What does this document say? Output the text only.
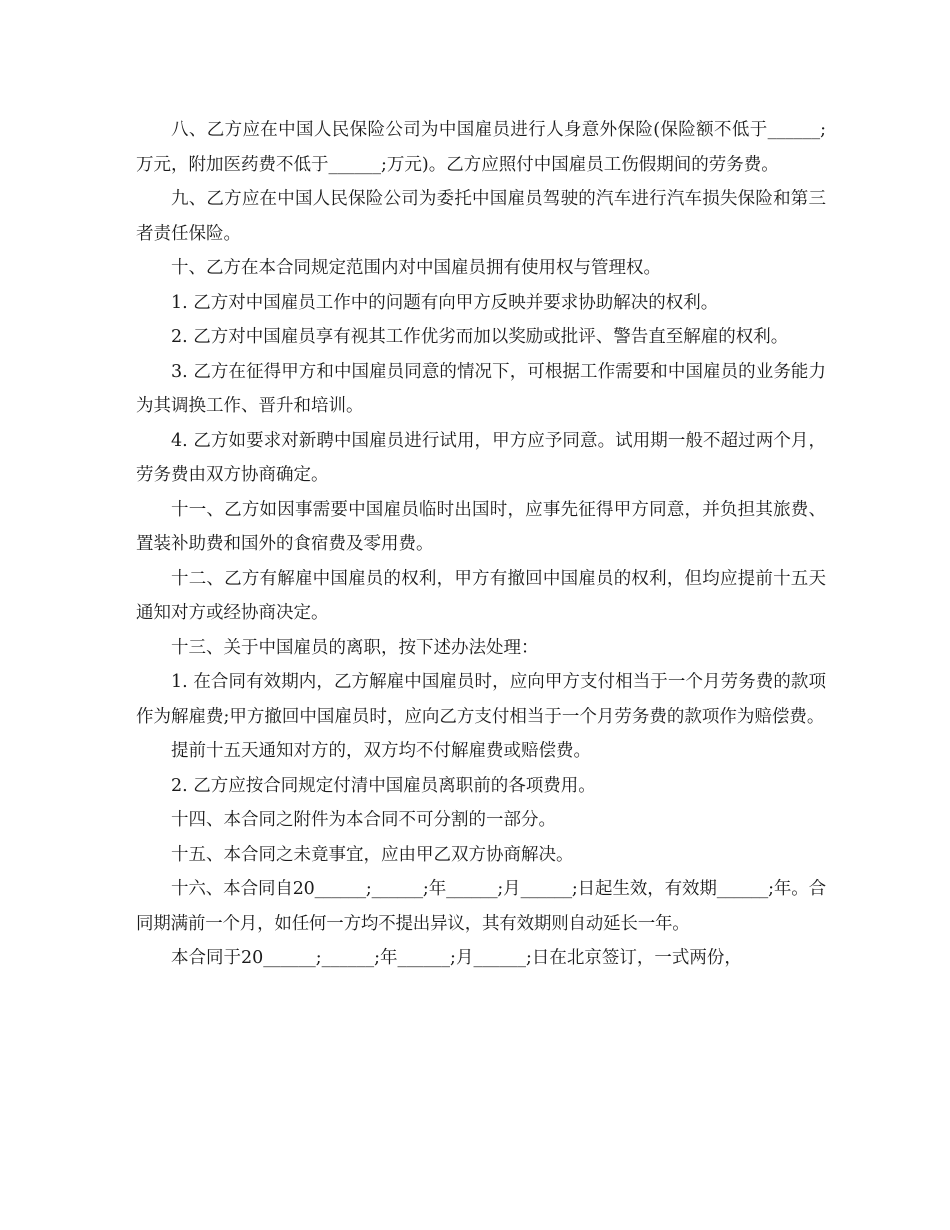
八、乙方应在中国人民保险公司为中国雇员进行人身意外保险(保险额不低于______;万元，附加医药费不低于______;万元)。乙方应照付中国雇员工伤假期间的劳务费。

九、乙方应在中国人民保险公司为委托中国雇员驾驶的汽车进行汽车损失保险和第三者责任保险。

十、乙方在本合同规定范围内对中国雇员拥有使用权与管理权。

1. 乙方对中国雇员工作中的问题有向甲方反映并要求协助解决的权利。

2. 乙方对中国雇员享有视其工作优劣而加以奖励或批评、警告直至解雇的权利。

3. 乙方在征得甲方和中国雇员同意的情况下，可根据工作需要和中国雇员的业务能力为其调换工作、晋升和培训。

4. 乙方如要求对新聘中国雇员进行试用，甲方应予同意。试用期一般不超过两个月，劳务费由双方协商确定。

十一、乙方如因事需要中国雇员临时出国时，应事先征得甲方同意，并负担其旅费、置装补助费和国外的食宿费及零用费。

十二、乙方有解雇中国雇员的权利，甲方有撤回中国雇员的权利，但均应提前十五天通知对方或经协商决定。

十三、关于中国雇员的离职，按下述办法处理：

1. 在合同有效期内，乙方解雇中国雇员时，应向甲方支付相当于一个月劳务费的款项作为解雇费;甲方撤回中国雇员时，应向乙方支付相当于一个月劳务费的款项作为赔偿费。

提前十五天通知对方的，双方均不付解雇费或赔偿费。

2. 乙方应按合同规定付清中国雇员离职前的各项费用。

十四、本合同之附件为本合同不可分割的一部分。

十五、本合同之未竟事宜，应由甲乙双方协商解决。

十六、本合同自20______;______;年______;月______;日起生效，有效期______;年。合同期满前一个月，如任何一方均不提出异议，其有效期则自动延长一年。

本合同于20______;______;年______;月______;日在北京签订，一式两份，
